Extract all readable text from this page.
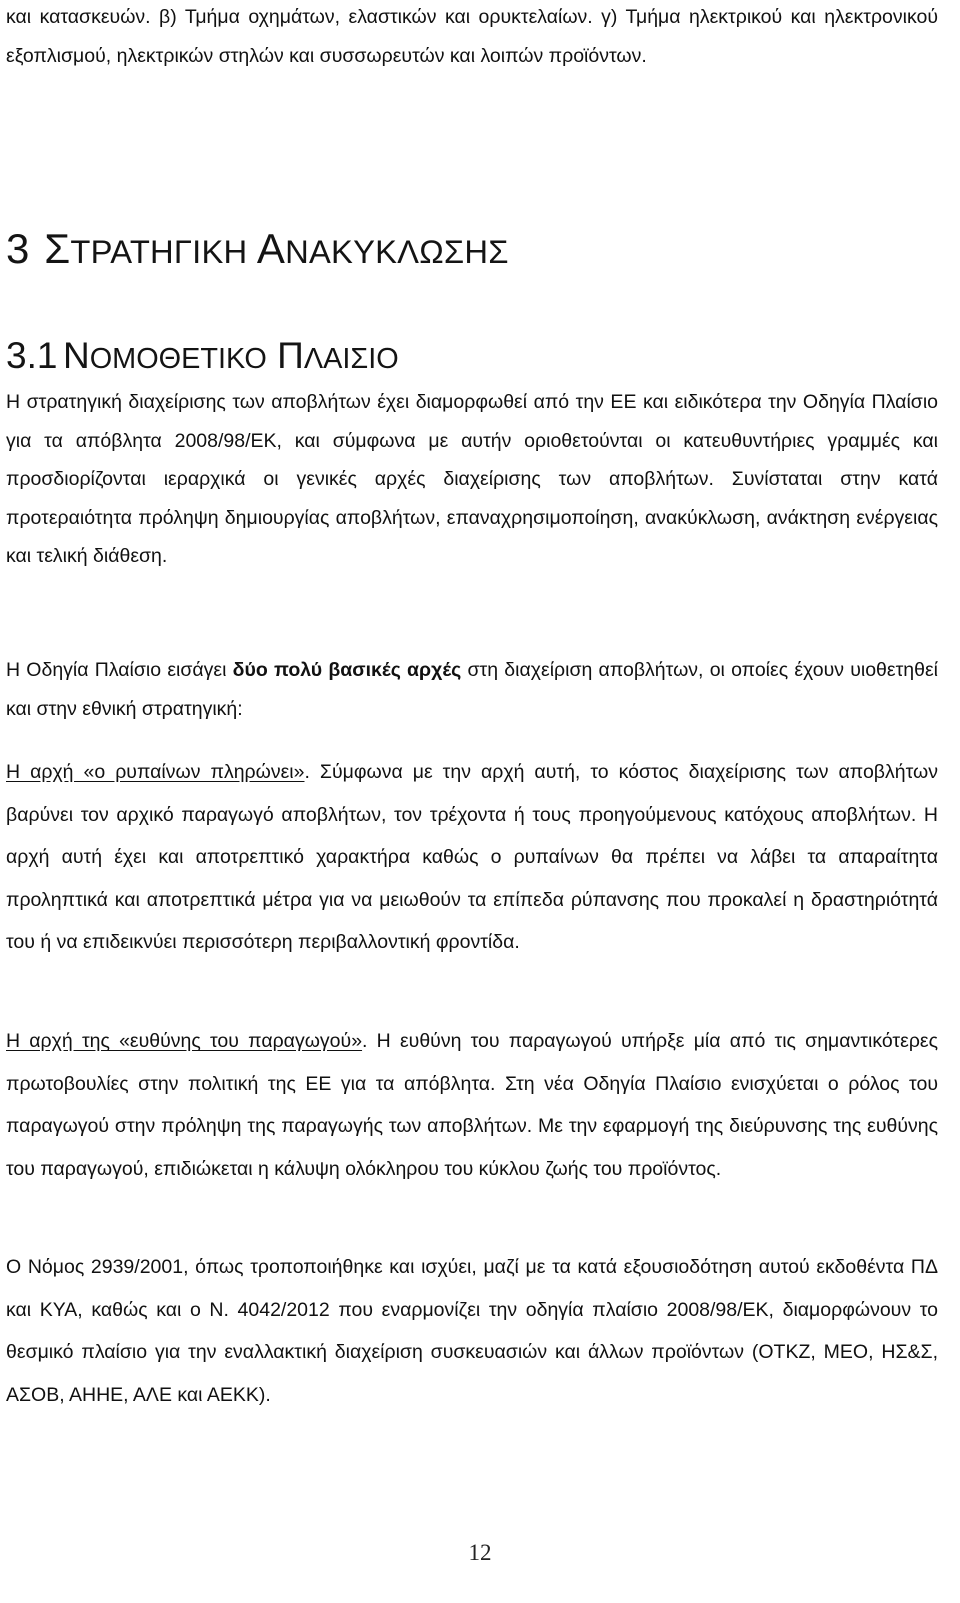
και κατασκευών. β) Τμήμα οχημάτων, ελαστικών και ορυκτελαίων. γ) Τμήμα ηλεκτρικού και ηλεκτρονικού εξοπλισμού, ηλεκτρικών στηλών και συσσωρευτών και λοιπών προϊόντων.

3 ΣΤΡΑΤΗΓΙΚΗ ΑΝΑΚΥΚΛΩΣΗΣ
3.1 ΝΟΜΟΘΕΤΙΚΟ ΠΛΑΙΣΙΟ

Η στρατηγική διαχείρισης των αποβλήτων έχει διαμορφωθεί από την ΕΕ και ειδικότερα την Οδηγία Πλαίσιο για τα απόβλητα 2008/98/ΕΚ, και σύμφωνα με αυτήν οριοθετούνται οι κατευθυντήριες γραμμές και προσδιορίζονται ιεραρχικά οι γενικές αρχές διαχείρισης των αποβλήτων. Συνίσταται στην κατά προτεραιότητα πρόληψη δημιουργίας αποβλήτων, επαναχρησιμοποίηση, ανακύκλωση, ανάκτηση ενέργειας και τελική διάθεση.

Η Οδηγία Πλαίσιο εισάγει δύο πολύ βασικές αρχές στη διαχείριση αποβλήτων, οι οποίες έχουν υιοθετηθεί και στην εθνική στρατηγική:

Η αρχή «ο ρυπαίνων πληρώνει». Σύμφωνα με την αρχή αυτή, το κόστος διαχείρισης των αποβλήτων βαρύνει τον αρχικό παραγωγό αποβλήτων, τον τρέχοντα ή τους προηγούμενους κατόχους αποβλήτων. Η αρχή αυτή έχει και αποτρεπτικό χαρακτήρα καθώς ο ρυπαίνων θα πρέπει να λάβει τα απαραίτητα προληπτικά και αποτρεπτικά μέτρα για να μειωθούν τα επίπεδα ρύπανσης που προκαλεί η δραστηριότητά του ή να επιδεικνύει περισσότερη περιβαλλοντική φροντίδα.

Η αρχή της «ευθύνης του παραγωγού». Η ευθύνη του παραγωγού υπήρξε μία από τις σημαντικότερες πρωτοβουλίες στην πολιτική της ΕΕ για τα απόβλητα. Στη νέα Οδηγία Πλαίσιο ενισχύεται ο ρόλος του παραγωγού στην πρόληψη της παραγωγής των αποβλήτων. Με την εφαρμογή της διεύρυνσης της ευθύνης του παραγωγού, επιδιώκεται η κάλυψη ολόκληρου του κύκλου ζωής του προϊόντος.

Ο Νόμος 2939/2001, όπως τροποποιήθηκε και ισχύει, μαζί με τα κατά εξουσιοδότηση αυτού εκδοθέντα ΠΔ και ΚΥΑ, καθώς και ο Ν. 4042/2012 που εναρμονίζει την οδηγία πλαίσιο 2008/98/ΕΚ, διαμορφώνουν το θεσμικό πλαίσιο για την εναλλακτική διαχείριση συσκευασιών και άλλων προϊόντων (ΟΤΚΖ, ΜΕΟ, ΗΣ&Σ, ΑΣΟΒ, ΑΗΗΕ, ΑΛΕ και ΑΕΚΚ).

12
